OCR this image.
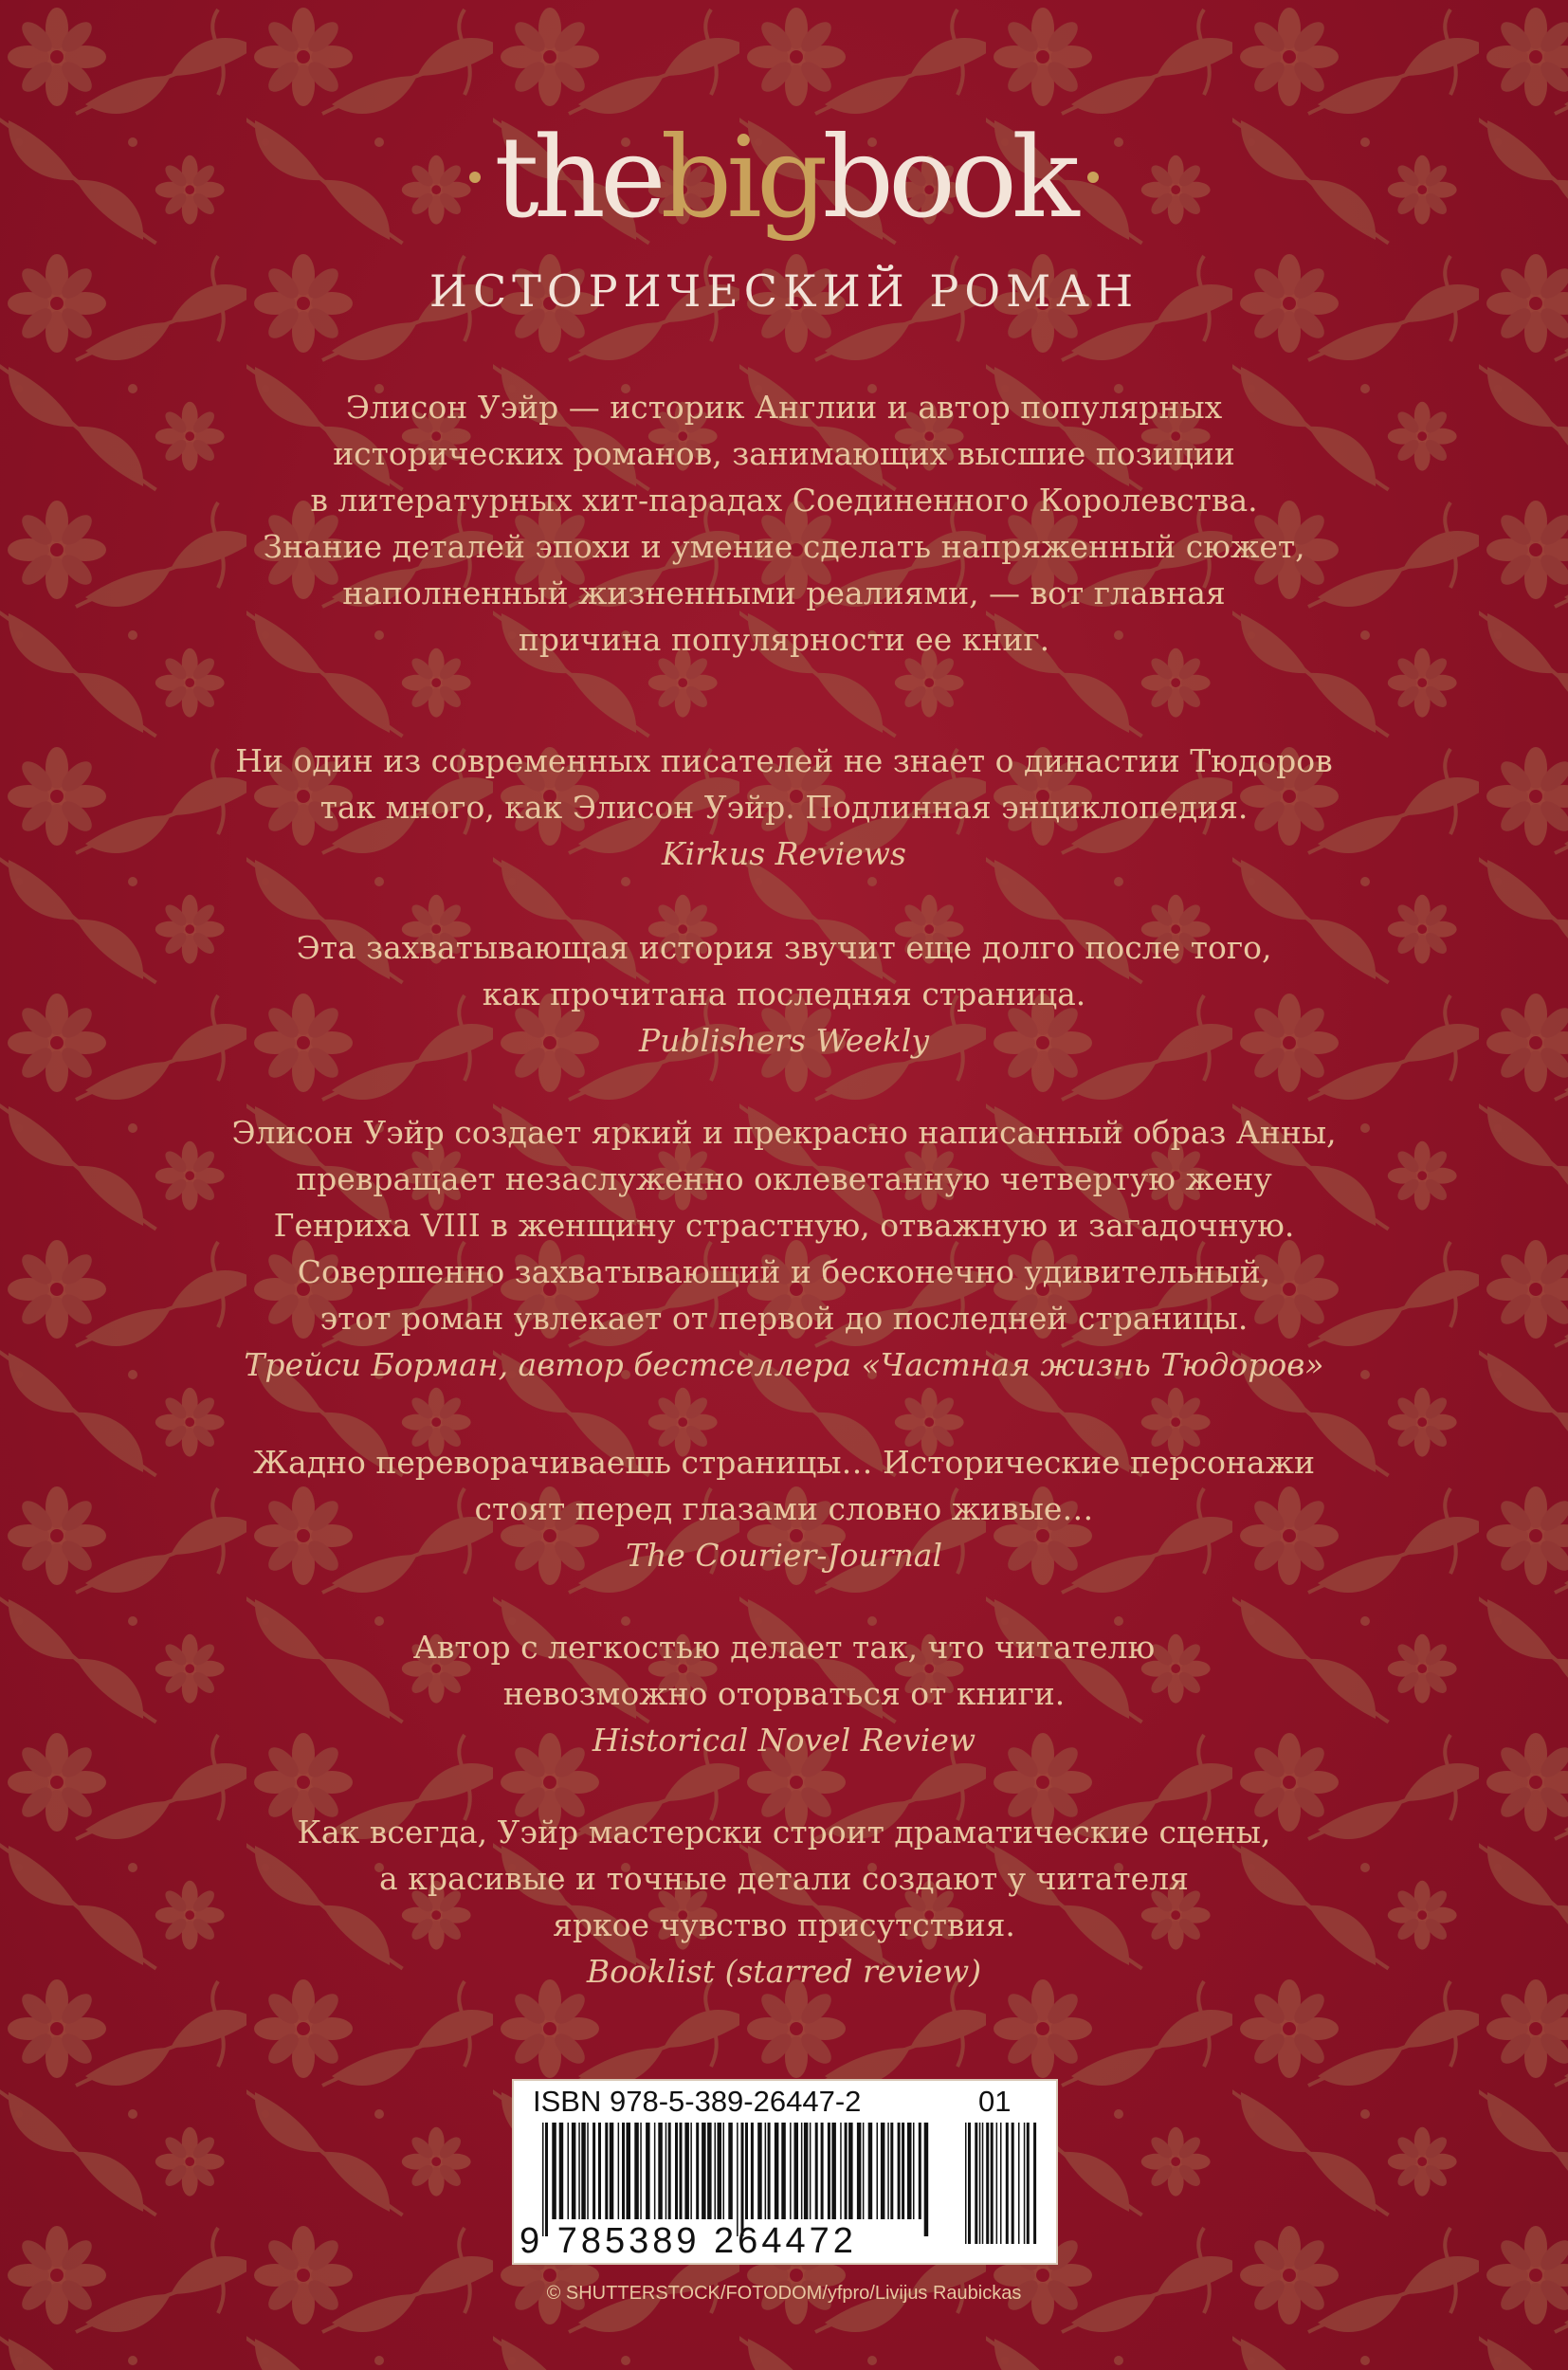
thebigbook
ИСТОРИЧЕСКИЙ РОМАН
Элисон Уэйр — историк Англии и автор популярных
исторических романов, занимающих высшие позиции
в литературных хит-парадах Соединенного Королевства.
Знание деталей эпохи и умение сделать напряженный сюжет,
наполненный жизненными реалиями, — вот главная
причина популярности ее книг.
Ни один из современных писателей не знает о династии Тюдоров
так много, как Элисон Уэйр. Подлинная энциклопедия.
Kirkus Reviews
Эта захватывающая история звучит еще долго после того,
как прочитана последняя страница.
Publishers Weekly
Элисон Уэйр создает яркий и прекрасно написанный образ Анны,
превращает незаслуженно оклеветанную четвертую жену
Генриха VIII в женщину страстную, отважную и загадочную.
Совершенно захватывающий и бесконечно удивительный,
этот роман увлекает от первой до последней страницы.
Трейси Борман, автор бестселлера «Частная жизнь Тюдоров»
Жадно переворачиваешь страницы… Исторические персонажи
стоят перед глазами словно живые…
The Courier-Journal
Автор с легкостью делает так, что читателю
невозможно оторваться от книги.
Historical Novel Review
Как всегда, Уэйр мастерски строит драматические сцены,
а красивые и точные детали создают у читателя
яркое чувство присутствия.
Booklist (starred review)
ISBN 978-5-389-26447-2	01
9 785389 264472
© SHUTTERSTOCK/FOTODOM/yfpro/Livijus Raubickas
